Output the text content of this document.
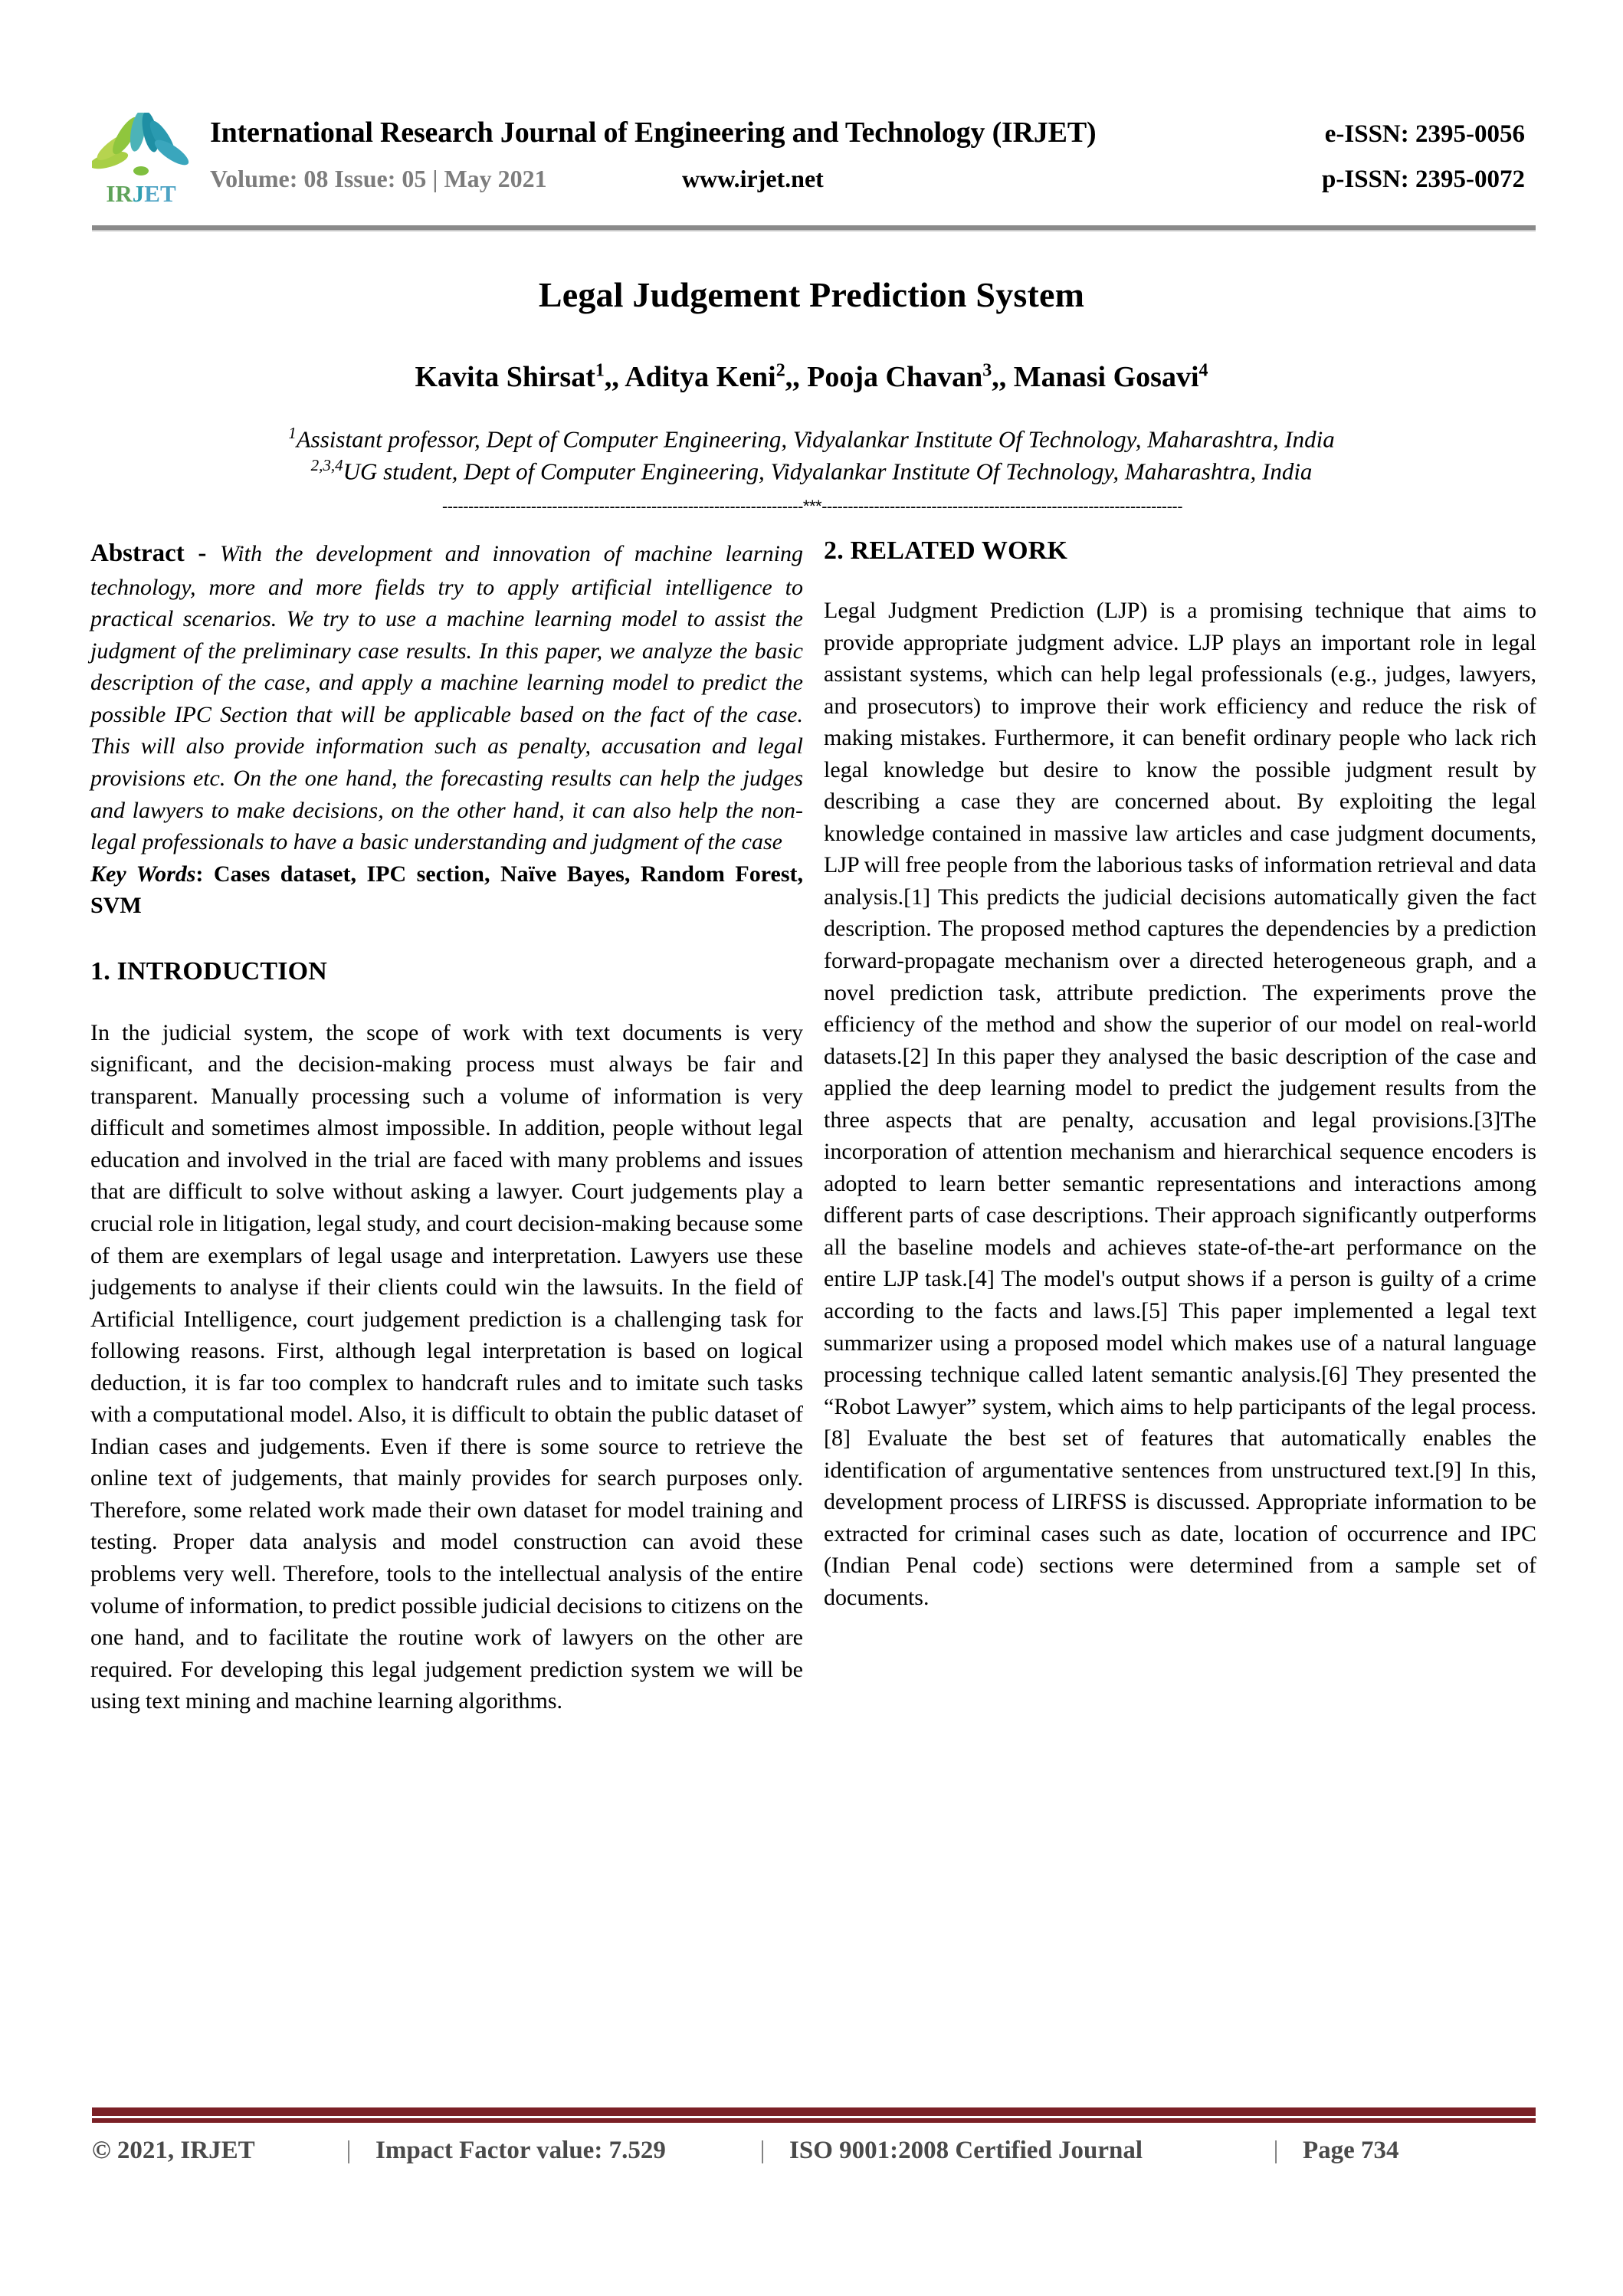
IRJET
International Research Journal of Engineering and Technology (IRJET)	e-ISSN: 2395-0056
Volume: 08 Issue: 05 | May 2021	www.irjet.net	p-ISSN: 2395-0072
Legal Judgement Prediction System
Kavita Shirsat$^1$,, Aditya Keni$^2$,, Pooja Chavan$^3$,, Manasi Gosavi$^4$
$^1$Assistant professor, Dept of Computer Engineering, Vidyalankar Institute Of Technology, Maharashtra, India
$^{2,3,4}$UG student, Dept of Computer Engineering, Vidyalankar Institute Of Technology, Maharashtra, India
---------------------------------------------------------------------***---------------------------------------------------------------------

Abstract - With the development and innovation of machine learning technology, more and more fields try to apply artificial intelligence to practical scenarios. We try to use a machine learning model to assist the judgment of the preliminary case results. In this paper, we analyze the basic description of the case, and apply a machine learning model to predict the possible IPC Section that will be applicable based on the fact of the case. This will also provide information such as penalty, accusation and legal provisions etc. On the one hand, the forecasting results can help the judges and lawyers to make decisions, on the other hand, it can also help the non-legal professionals to have a basic understanding and judgment of the case

Key Words: Cases dataset, IPC section, Naïve Bayes, Random Forest, SVM

1. INTRODUCTION

In the judicial system, the scope of work with text documents is very significant, and the decision-making process must always be fair and transparent. Manually processing such a volume of information is very difficult and sometimes almost impossible. In addition, people without legal education and involved in the trial are faced with many problems and issues that are difficult to solve without asking a lawyer. Court judgements play a crucial role in litigation, legal study, and court decision-making because some of them are exemplars of legal usage and interpretation. Lawyers use these judgements to analyse if their clients could win the lawsuits. In the field of Artificial Intelligence, court judgement prediction is a challenging task for following reasons. First, although legal interpretation is based on logical deduction, it is far too complex to handcraft rules and to imitate such tasks with a computational model. Also, it is difficult to obtain the public dataset of Indian cases and judgements. Even if there is some source to retrieve the online text of judgements, that mainly provides for search purposes only. Therefore, some related work made their own dataset for model training and testing. Proper data analysis and model construction can avoid these problems very well. Therefore, tools to the intellectual analysis of the entire volume of information, to predict possible judicial decisions to citizens on the one hand, and to facilitate the routine work of lawyers on the other are required. For developing this legal judgement prediction system we will be using text mining and machine learning algorithms.

2. RELATED WORK

Legal Judgment Prediction (LJP) is a promising technique that aims to provide appropriate judgment advice. LJP plays an important role in legal assistant systems, which can help legal professionals (e.g., judges, lawyers, and prosecutors) to improve their work efficiency and reduce the risk of making mistakes. Furthermore, it can benefit ordinary people who lack rich legal knowledge but desire to know the possible judgment result by describing a case they are concerned about. By exploiting the legal knowledge contained in massive law articles and case judgment documents, LJP will free people from the laborious tasks of information retrieval and data analysis.[1] This predicts the judicial decisions automatically given the fact description. The proposed method captures the dependencies by a prediction forward-propagate mechanism over a directed heterogeneous graph, and a novel prediction task, attribute prediction. The experiments prove the efficiency of the method and show the superior of our model on real-world datasets.[2] In this paper they analysed the basic description of the case and applied the deep learning model to predict the judgement results from the three aspects that are penalty, accusation and legal provisions.[3]The incorporation of attention mechanism and hierarchical sequence encoders is adopted to learn better semantic representations and interactions among different parts of case descriptions. Their approach significantly outperforms all the baseline models and achieves state-of-the-art performance on the entire LJP task.[4] The model's output shows if a person is guilty of a crime according to the facts and laws.[5] This paper implemented a legal text summarizer using a proposed model which makes use of a natural language processing technique called latent semantic analysis.[6] They presented the “Robot Lawyer” system, which aims to help participants of the legal process.[8] Evaluate the best set of features that automatically enables the identification of argumentative sentences from unstructured text.[9] In this, development process of LIRFSS is discussed. Appropriate information to be extracted for criminal cases such as date, location of occurrence and IPC (Indian Penal code) sections were determined from a sample set of documents.

© 2021, IRJET	| Impact Factor value: 7.529	| ISO 9001:2008 Certified Journal	| Page 734
